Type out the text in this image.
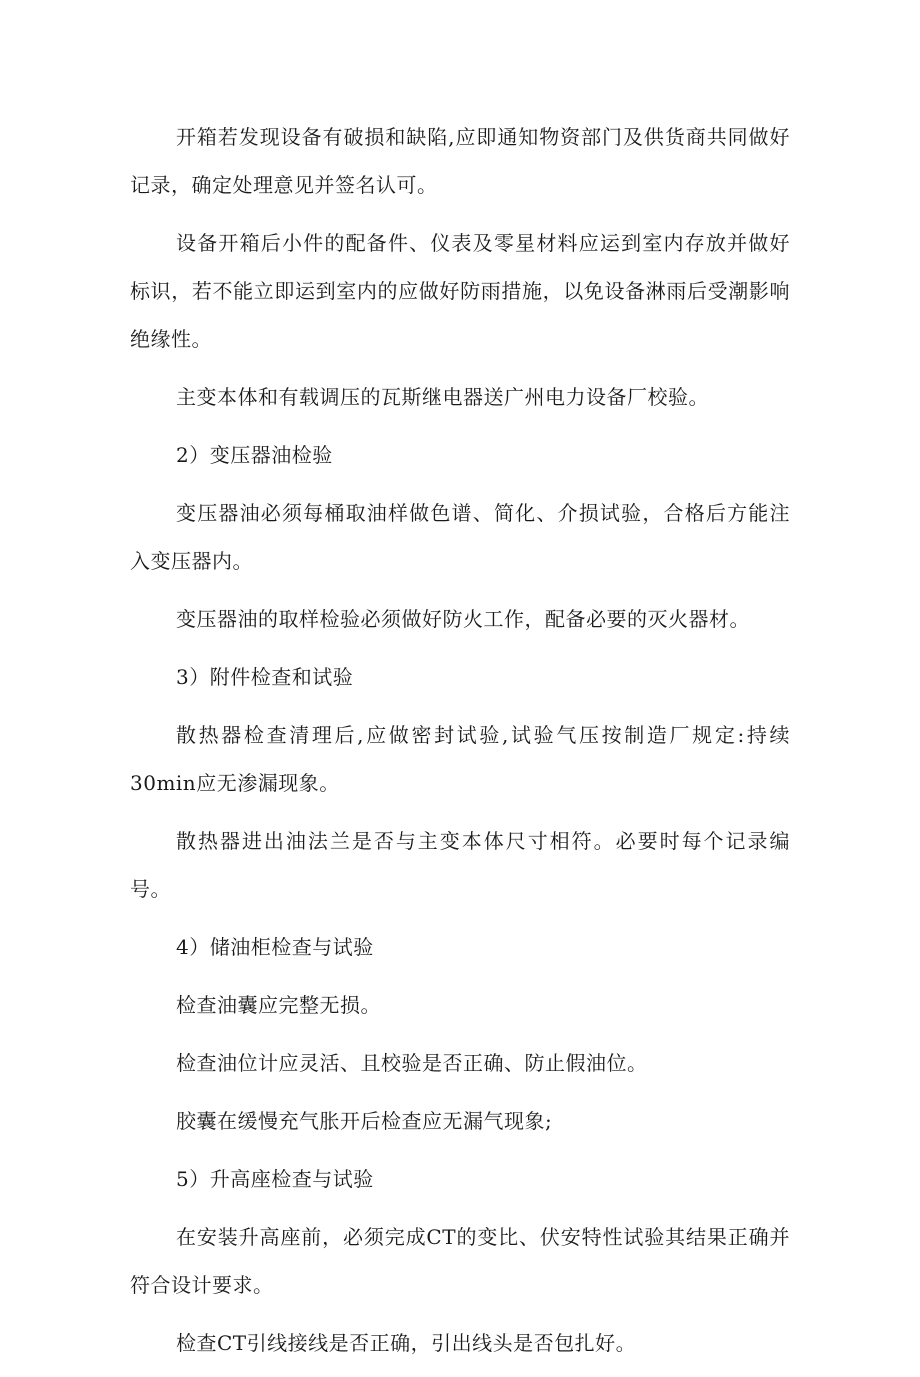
开箱若发现设备有破损和缺陷,应即通知物资部门及供货商共同做好记录，确定处理意见并签名认可。

设备开箱后小件的配备件、仪表及零星材料应运到室内存放并做好标识，若不能立即运到室内的应做好防雨措施，以免设备淋雨后受潮影响绝缘性。

主变本体和有载调压的瓦斯继电器送广州电力设备厂校验。

2）变压器油检验

变压器油必须每桶取油样做色谱、简化、介损试验，合格后方能注入变压器内。

变压器油的取样检验必须做好防火工作，配备必要的灭火器材。

3）附件检查和试验

散热器检查清理后,应做密封试验,试验气压按制造厂规定:持续30min应无渗漏现象。

散热器进出油法兰是否与主变本体尺寸相符。必要时每个记录编号。

4）储油柜检查与试验

检查油囊应完整无损。

检查油位计应灵活、且校验是否正确、防止假油位。

胶囊在缓慢充气胀开后检查应无漏气现象;

5）升高座检查与试验

在安装升高座前，必须完成CT的变比、伏安特性试验其结果正确并符合设计要求。

检查CT引线接线是否正确，引出线头是否包扎好。
